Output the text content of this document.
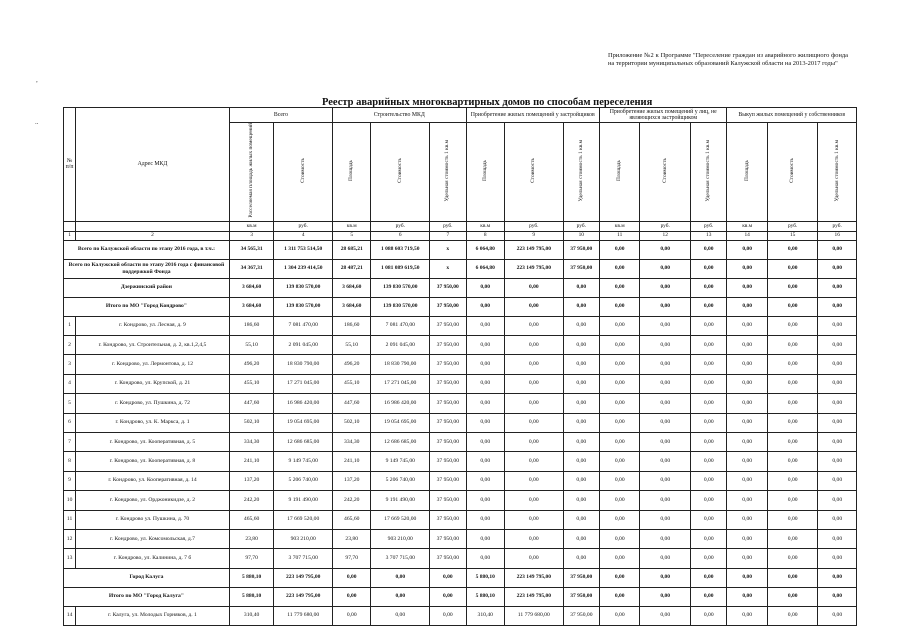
Приложение №2 к Программе "Переселение граждан из аварийного жилищного фонда на территории муниципальных образований Калужской области на 2013-2017 годы"
,
..
Реестр аварийных многоквартирных домов по способам переселения
№ п/п	Адрес МКД	Всего		Строительство МКД			Приобретение жилых помещений у застройщиков			Приобретение жилых помещений у лиц, не являющихся застройщиком			Выкуп жилых помещений у собственников		
		Расселяемая площадь жилых помещений	Стоимость	Площадь	Стоимость	Удельная стоимость 1 кв.м	Площадь	Стоимость	Удельная стоимость 1 кв.м	Площадь	Стоимость	Удельная стоимость 1 кв.м	Площадь	Стоимость	Удельная стоимость 1 кв.м
		кв.м	руб.	кв.м	руб.	руб.	кв.м	руб.	руб.	кв.м	руб.	руб.	кв.м	руб.	руб.
1	2	3	4	5	6	7	8	9	10	11	12	13	14	15	16
Всего по Калужской области по этапу 2016 года, в т.ч.:		34 565,31	1 311 753 514,50	28 685,21	1 088 603 719,50	x	6 064,80	223 149 795,00	37 950,00	0,00	0,00	0,00	0,00	0,00	0,00
Всего по Калужской области по этапу 2016 года с финансовой поддержкой Фонда		34 367,31	1 304 239 414,50	28 487,21	1 081 089 619,50	x	6 064,80	223 149 795,00	37 950,00	0,00	0,00	0,00	0,00	0,00	0,00
Дзержинский район		3 684,60	139 830 570,00	3 684,60	139 830 570,00	37 950,00	0,00	0,00	0,00	0,00	0,00	0,00	0,00	0,00	0,00
Итого по МО "Город Кондрово"		3 684,60	139 830 570,00	3 684,60	139 830 570,00	37 950,00	0,00	0,00	0,00	0,00	0,00	0,00	0,00	0,00	0,00
1	г. Кондрово, ул. Лесная, д. 9	186,60	7 081 470,00	186,60	7 081 470,00	37 950,00	0,00	0,00	0,00	0,00	0,00	0,00	0,00	0,00	0,00
2	г. Кондрово, ул. Строительная, д. 2, кв.1,2,4,5	55,10	2 091 045,00	55,10	2 091 045,00	37 950,00	0,00	0,00	0,00	0,00	0,00	0,00	0,00	0,00	0,00
3	г. Кондрово, ул. Лермонтова, д. 12	496,20	18 830 790,00	496,20	18 830 790,00	37 950,00	0,00	0,00	0,00	0,00	0,00	0,00	0,00	0,00	0,00
4	г. Кондрово, ул. Крупской, д. 21	455,10	17 271 045,00	455,10	17 271 045,00	37 950,00	0,00	0,00	0,00	0,00	0,00	0,00	0,00	0,00	0,00
5	г. Кондрово, ул. Пушкина, д. 72	447,60	16 986 420,00	447,60	16 986 420,00	37 950,00	0,00	0,00	0,00	0,00	0,00	0,00	0,00	0,00	0,00
6	г. Кондрово, ул. К. Маркса, д. 1	502,10	19 054 695,00	502,10	19 054 695,00	37 950,00	0,00	0,00	0,00	0,00	0,00	0,00	0,00	0,00	0,00
7	г. Кондрово, ул. Кооперативная, д. 5	334,30	12 686 685,00	334,30	12 686 685,00	37 950,00	0,00	0,00	0,00	0,00	0,00	0,00	0,00	0,00	0,00
8	г. Кондрово, ул. Кооперативная, д. 8	241,10	9 149 745,00	241,10	9 149 745,00	37 950,00	0,00	0,00	0,00	0,00	0,00	0,00	0,00	0,00	0,00
9	г. Кондрово, ул. Кооперативная, д. 14	137,20	5 206 740,00	137,20	5 206 740,00	37 950,00	0,00	0,00	0,00	0,00	0,00	0,00	0,00	0,00	0,00
10	г. Кондрово, ул. Орджоникидзе, д. 2	242,20	9 191 490,00	242,20	9 191 490,00	37 950,00	0,00	0,00	0,00	0,00	0,00	0,00	0,00	0,00	0,00
11	г. Кондрово ул. Пушкина, д. 70	465,60	17 669 520,00	465,60	17 669 520,00	37 950,00	0,00	0,00	0,00	0,00	0,00	0,00	0,00	0,00	0,00
12	г. Кондрово, ул. Комсомольская, д.7	23,80	903 210,00	23,80	903 210,00	37 950,00	0,00	0,00	0,00	0,00	0,00	0,00	0,00	0,00	0,00
13	г. Кондрово, ул. Калинина, д. 7 б	97,70	3 707 715,00	97,70	3 707 715,00	37 950,00	0,00	0,00	0,00	0,00	0,00	0,00	0,00	0,00	0,00
Город Калуга		5 880,10	223 149 795,00	0,00	0,00	0,00	5 880,10	223 149 795,00	37 950,00	0,00	0,00	0,00	0,00	0,00	0,00
Итого по МО "Город Калуга"		5 880,10	223 149 795,00	0,00	0,00	0,00	5 880,10	223 149 795,00	37 950,00	0,00	0,00	0,00	0,00	0,00	0,00
14	г. Калуга, ул. Молодых Горняков, д. 1	310,40	11 779 680,00	0,00	0,00	0,00	310,40	11 779 680,00	37 950,00	0,00	0,00	0,00	0,00	0,00	0,00
